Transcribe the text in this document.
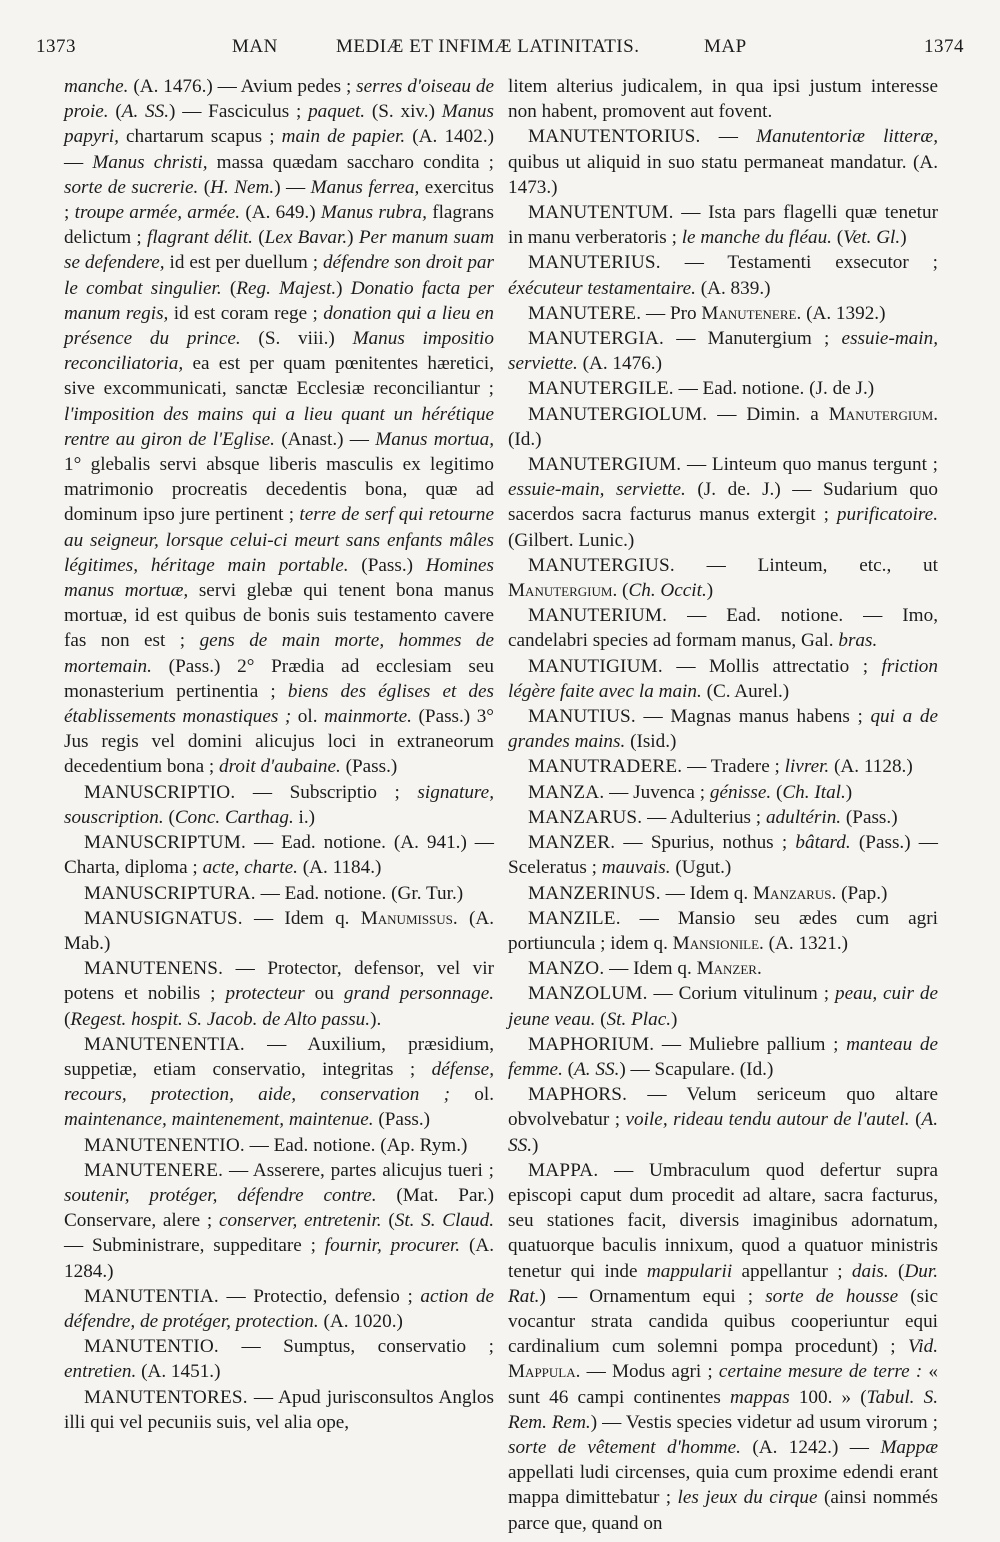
1373	MAN	MEDIÆ ET INFIMÆ LATINITATIS.	MAP	1374

manche. (A. 1476.) — Avium pedes ; serres d'oiseau de proie. (A. SS.) — Fasciculus ; paquet. (S. xiv.) Manus papyri, chartarum scapus ; main de papier. (A. 1402.) — Manus christi, massa quædam saccharo condita ; sorte de sucrerie. (H. Nem.) — Manus ferrea, exercitus ; troupe armée, armée. (A. 649.) Manus rubra, flagrans delictum ; flagrant délit. (Lex Bavar.) Per manum suam se defendere, id est per duellum ; défendre son droit par le combat singulier. (Reg. Majest.) Donatio facta per manum regis, id est coram rege ; donation qui a lieu en présence du prince. (S. viii.) Manus impositio reconciliatoria, ea est per quam pœnitentes hæretici, sive excommunicati, sanctæ Ecclesiæ reconciliantur ; l'imposition des mains qui a lieu quant un hérétique rentre au giron de l'Eglise. (Anast.) — Manus mortua, 1° glebalis servi absque liberis masculis ex legitimo matrimonio procreatis decedentis bona, quæ ad dominum ipso jure pertinent ; terre de serf qui retourne au seigneur, lorsque celui-ci meurt sans enfants mâles légitimes, héritage main portable. (Pass.) Homines manus mortuæ, servi glebæ qui tenent bona manus mortuæ, id est quibus de bonis suis testamento cavere fas non est ; gens de main morte, hommes de mortemain. (Pass.) 2° Prædia ad ecclesiam seu monasterium pertinentia ; biens des églises et des établissements monastiques ; ol. mainmorte. (Pass.) 3° Jus regis vel domini alicujus loci in extraneorum decedentium bona ; droit d'aubaine. (Pass.)

MANUSCRIPTIO. — Subscriptio ; signature, souscription. (Conc. Carthag. i.)

MANUSCRIPTUM. — Ead. notione. (A. 941.) — Charta, diploma ; acte, charte. (A. 1184.)

MANUSCRIPTURA. — Ead. notione. (Gr. Tur.)

MANUSIGNATUS. — Idem q. Manumissus. (A. Mab.)

MANUTENENS. — Protector, defensor, vel vir potens et nobilis ; protecteur ou grand personnage. (Regest. hospit. S. Jacob. de Alto passu.).

MANUTENENTIA. — Auxilium, præsidium, suppetiæ, etiam conservatio, integritas ; défense, recours, protection, aide, conservation ; ol. maintenance, maintenement, maintenue. (Pass.)

MANUTENENTIO. — Ead. notione. (Ap. Rym.)

MANUTENERE. — Asserere, partes alicujus tueri ; soutenir, protéger, défendre contre. (Mat. Par.) Conservare, alere ; conserver, entretenir. (St. S. Claud. — Subministrare, suppeditare ; fournir, procurer. (A. 1284.)

MANUTENTIA. — Protectio, defensio ; action de défendre, de protéger, protection. (A. 1020.)

MANUTENTIO. — Sumptus, conservatio ; entretien. (A. 1451.)

MANUTENTORES. — Apud jurisconsultos Anglos illi qui vel pecuniis suis, vel alia ope,

litem alterius judicalem, in qua ipsi justum interesse non habent, promovent aut fovent.

MANUTENTORIUS. — Manutentoriæ litteræ, quibus ut aliquid in suo statu permaneat mandatur. (A. 1473.)

MANUTENTUM. — Ista pars flagelli quæ tenetur in manu verberatoris ; le manche du fléau. (Vet. Gl.)

MANUTERIUS. — Testamenti exsecutor ; éxécuteur testamentaire. (A. 839.)

MANUTERE. — Pro Manutenere. (A. 1392.)

MANUTERGIA. — Manutergium ; essuie-main, serviette. (A. 1476.)

MANUTERGILE. — Ead. notione. (J. de J.)

MANUTERGIOLUM. — Dimin. a Manutergium. (Id.)

MANUTERGIUM. — Linteum quo manus tergunt ; essuie-main, serviette. (J. de. J.) — Sudarium quo sacerdos sacra facturus manus extergit ; purificatoire. (Gilbert. Lunic.)

MANUTERGIUS. — Linteum, etc., ut Manutergium. (Ch. Occit.)

MANUTERIUM. — Ead. notione. — Imo, candelabri species ad formam manus, Gal. bras.

MANUTIGIUM. — Mollis attrectatio ; friction légère faite avec la main. (C. Aurel.)

MANUTIUS. — Magnas manus habens ; qui a de grandes mains. (Isid.)

MANUTRADERE. — Tradere ; livrer. (A. 1128.)

MANZA. — Juvenca ; génisse. (Ch. Ital.)

MANZARUS. — Adulterius ; adultérin. (Pass.)

MANZER. — Spurius, nothus ; bâtard. (Pass.) — Sceleratus ; mauvais. (Ugut.)

MANZERINUS. — Idem q. Manzarus. (Pap.)

MANZILE. — Mansio seu ædes cum agri portiuncula ; idem q. Mansionile. (A. 1321.)

MANZO. — Idem q. Manzer.

MANZOLUM. — Corium vitulinum ; peau, cuir de jeune veau. (St. Plac.)

MAPHORIUM. — Muliebre pallium ; manteau de femme. (A. SS.) — Scapulare. (Id.)

MAPHORS. — Velum sericeum quo altare obvolvebatur ; voile, rideau tendu autour de l'autel. (A. SS.)

MAPPA. — Umbraculum quod defertur supra episcopi caput dum procedit ad altare, sacra facturus, seu stationes facit, diversis imaginibus adornatum, quatuorque baculis innixum, quod a quatuor ministris tenetur qui inde mappularii appellantur ; dais. (Dur. Rat.) — Ornamentum equi ; sorte de housse (sic vocantur strata candida quibus cooperiuntur equi cardinalium cum solemni pompa procedunt) ; Vid. Mappula. — Modus agri ; certaine mesure de terre : « sunt 46 campi continentes mappas 100. » (Tabul. S. Rem. Rem.) — Vestis species videtur ad usum virorum ; sorte de vêtement d'homme. (A. 1242.) — Mappæ appellati ludi circenses, quia cum proxime edendi erant mappa dimittebatur ; les jeux du cirque (ainsi nommés parce que, quand on
